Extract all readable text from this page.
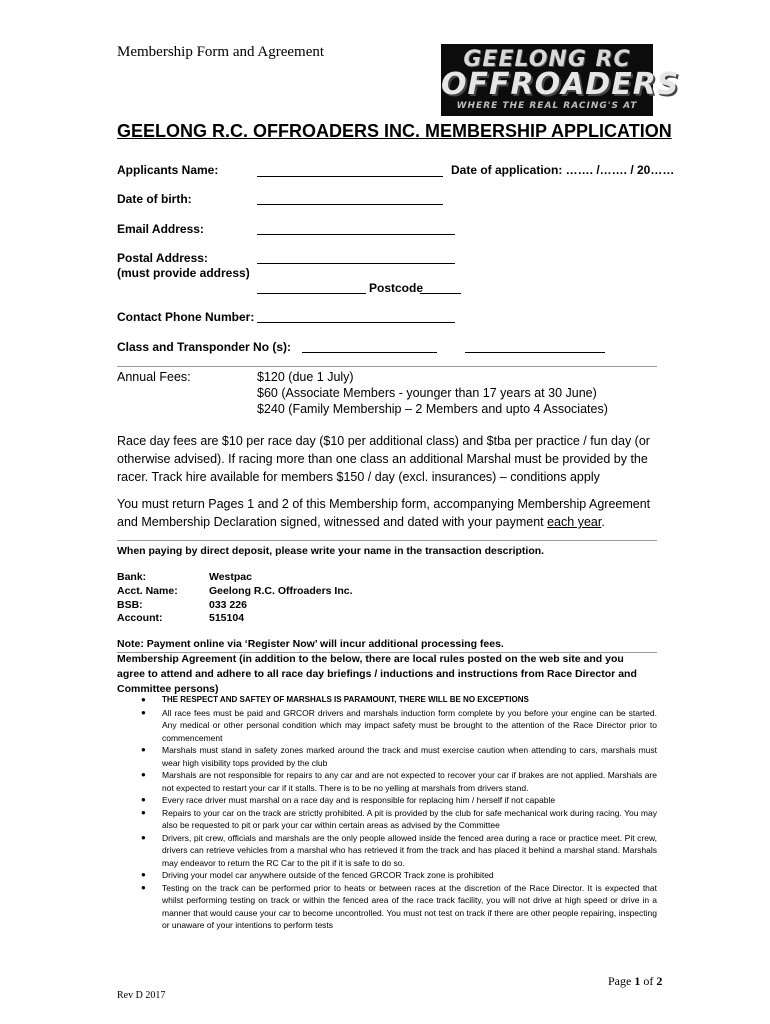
Membership Form and Agreement	GEELONG RC
OFFROADERS
WHERE THE REAL RACING'S AT
GEELONG R.C. OFFROADERS INC. MEMBERSHIP APPLICATION
Applicants Name:	Date of application: ……. /……. / 20……
Date of birth:
Email Address:
Postal Address:
(must provide address)
Postcode
Contact Phone Number:
Class and Transponder No (s):
Annual Fees:	$120 (due 1 July)
$60 (Associate Members - younger than 17 years at 30 June)
$240 (Family Membership – 2 Members and upto 4 Associates)
Race day fees are $10 per race day ($10 per additional class) and $tba per practice / fun day (or otherwise advised). If racing more than one class an additional Marshal must be provided by the racer. Track hire available for members $150 / day (excl. insurances) – conditions apply
You must return Pages 1 and 2 of this Membership form, accompanying Membership Agreement and Membership Declaration signed, witnessed and dated with your payment each year.
When paying by direct deposit, please write your name in the transaction description.
Bank:	Westpac
Acct. Name:	Geelong R.C. Offroaders Inc.
BSB:	033 226
Account:	515104
Note: Payment online via ‘Register Now’ will incur additional processing fees.
Membership Agreement (in addition to the below, there are local rules posted on the web site and you agree to attend and adhere to all race day briefings / inductions and instructions from Race Director and Committee persons)
● THE RESPECT AND SAFTEY OF MARSHALS IS PARAMOUNT, THERE WILL BE NO EXCEPTIONS
● All race fees must be paid and GRCOR drivers and marshals induction form complete by you before your engine can be started. Any medical or other personal condition which may impact safety must be brought to the attention of the Race Director prior to commencement
● Marshals must stand in safety zones marked around the track and must exercise caution when attending to cars, marshals must wear high visibility tops provided by the club
● Marshals are not responsible for repairs to any car and are not expected to recover your car if brakes are not applied. Marshals are not expected to restart your car if it stalls. There is to be no yelling at marshals from drivers stand.
● Every race driver must marshal on a race day and is responsible for replacing him / herself if not capable
● Repairs to your car on the track are strictly prohibited. A pit is provided by the club for safe mechanical work during racing. You may also be requested to pit or park your car within certain areas as advised by the Committee
● Drivers, pit crew, officials and marshals are the only people allowed inside the fenced area during a race or practice meet. Pit crew, drivers can retrieve vehicles from a marshal who has retrieved it from the track and has placed it behind a marshal stand. Marshals may endeavor to return the RC Car to the pit if it is safe to do so.
● Driving your model car anywhere outside of the fenced GRCOR Track zone is prohibited
● Testing on the track can be performed prior to heats or between races at the discretion of the Race Director. It is expected that whilst performing testing on track or within the fenced area of the race track facility, you will not drive at high speed or drive in a manner that would cause your car to become uncontrolled. You must not test on track if there are other people repairing, inspecting or unaware of your intentions to perform tests
Page 1 of 2
Rev D 2017
